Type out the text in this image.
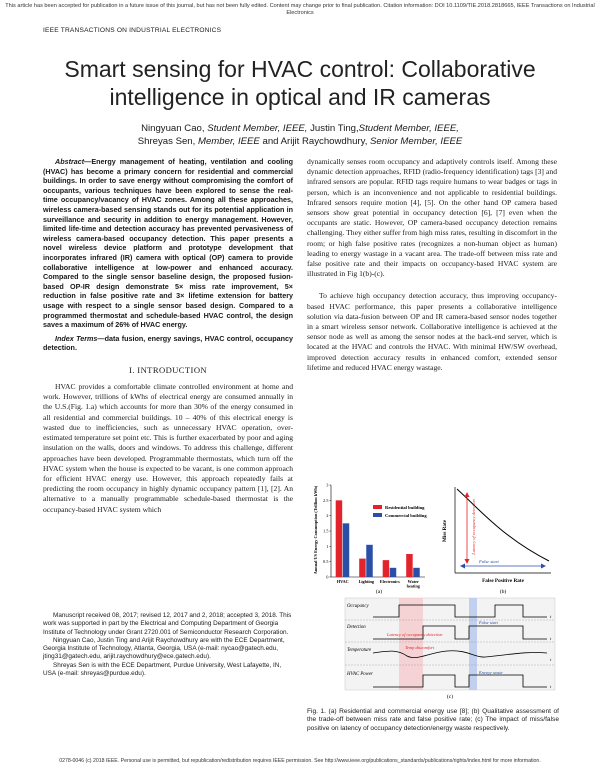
This article has been accepted for publication in a future issue of this journal, but has not been fully edited. Content may change prior to final publication. Citation information: DOI 10.1109/TIE.2018.2818665, IEEE Transactions on Industrial Electronics
IEEE TRANSACTIONS ON INDUSTRIAL ELECTRONICS
Smart sensing for HVAC control: Collaborative intelligence in optical and IR cameras
Ningyuan Cao, Student Member, IEEE, Justin Ting,Student Member, IEEE,
Shreyas Sen, Member, IEEE and Arijit Raychowdhury, Senior Member, IEEE

Abstract—Energy management of heating, ventilation and cooling (HVAC) has become a primary concern for residential and commercial buildings. In order to save energy without compromising the comfort of occupants, various techniques have been explored to sense the real-time occupancy/vacancy of HVAC zones. Among all these approaches, wireless camera-based sensing stands out for its potential application in surveillance and security in addition to energy management. However, limited life-time and detection accuracy has prevented pervasiveness of wireless camera-based occupancy detection. This paper presents a novel wireless device platform and prototype development that incorporates infrared (IR) camera with optical (OP) camera to provide collaborative intelligence at low-power and enhanced accuracy. Compared to the single sensor baseline design, the proposed fusion-based OP-IR design demonstrate 5× miss rate improvement, 5× reduction in false positive rate and 3× lifetime extension for battery usage with respect to a single sensor based design. Compared to a programmed thermostat and schedule-based HVAC control, the design saves a maximum of 26% of HVAC energy.

Index Terms—data fusion, energy savings, HVAC control, occupancy detection.

I. INTRODUCTION

HVAC provides a comfortable climate controlled environment at home and work. However, trillions of kWhs of electrical energy are consumed annually in the U.S.(Fig. 1.a) which accounts for more than 30% of the energy consumed in all residential and commercial buildings. 10 – 40% of this electrical energy is wasted due to inefficiencies, such as unnecessary HVAC operation, over-estimated temperature set point etc. This is further exacerbated by poor and aging insulation on the walls, doors and windows. To address this challenge, different approaches have been developed. Programmable thermostats, which turn off the HVAC system when the house is expected to be vacant, is one common approach for efficient HVAC energy use. However, this approach repeatedly fails at predicting the room occupancy in highly dynamic occupancy pattern [1], [2]. An alternative to a manually programmable schedule-based thermostat is the occupancy-based HVAC system which

Manuscript received 08, 2017; revised 12, 2017 and 2, 2018; accepted 3, 2018. This work was supported in part by the Electrical and Computing Department of Georgia Institute of Technology under Grant 2720.001 of Semiconductor Research Corporation.

Ningyuan Cao, Justin Ting and Arijit Raychowdhury are with the ECE Department, Georgia Institute of Technology, Atlanta, Georgia, USA (e-mail: nycao@gatech.edu, jting31@gatech.edu, arijit.raychowdhury@ece.gatech.edu).

Shreyas Sen is with the ECE Department, Purdue University, West Lafayette, IN, USA (e-mail: shreyas@purdue.edu).

dynamically senses room occupancy and adaptively controls itself. Among these dynamic detection approaches, RFID (radio-frequency identification) tags [3] and infrared sensors are popular. RFID tags require humans to wear badges or tags in person, which is an inconvenience and not applicable to residential buildings. Infrared sensors require motion [4], [5]. On the other hand OP camera based sensors show great potential in occupancy detection [6], [7] even when the occupants are static. However, OP camera-based occupancy detection remains challenging. They either suffer from high miss rates, resulting in discomfort in the room; or high false positive rates (recognizes a non-human object as human) leading to energy wastage in a vacant area. The trade-off between miss rate and false positive rate and their impacts on occupancy-based HVAC system are illustrated in Fig 1(b)-(c).

To achieve high occupancy detection accuracy, thus improving occupancy-based HVAC performance, this paper presents a collaborative intelligence solution via data-fusion between OP and IR camera-based sensor nodes together in a smart wireless sensor network. Collaborative intelligence is achieved at the sensor node as well as among the sensor nodes at the back-end server, which is located at the HVAC and controls the HVAC. With minimal HW/SW overhead, improved detection accuracy results in enhanced comfort, extended sensor lifetime and reduced HVAC energy wastage.

Annual US Energy Consumption (Trillion kWh)
0
0.5
1
1.5
2
2.5
3
HVAC Lighting Electronics Water
heating
Residential building
Commercial building
(a)
Miss Rate	Latency of occupancy detection
False start
False Positive Rate
(b)
Occupancy
Detection
Temperature
HVAC Power
t
t
Latency of occupancy detection
False start
t
Temp discomfort
t
Energy waste
(c)

Fig. 1. (a) Residential and commercial energy use [8]; (b) Qualitative assessment of the trade-off between miss rate and false positive rate; (c) The impact of miss/false positive on latency of occupancy detection/energy waste respectively.

0278-0046 (c) 2018 IEEE. Personal use is permitted, but republication/redistribution requires IEEE permission. See http://www.ieee.org/publications_standards/publications/rights/index.html for more information.
